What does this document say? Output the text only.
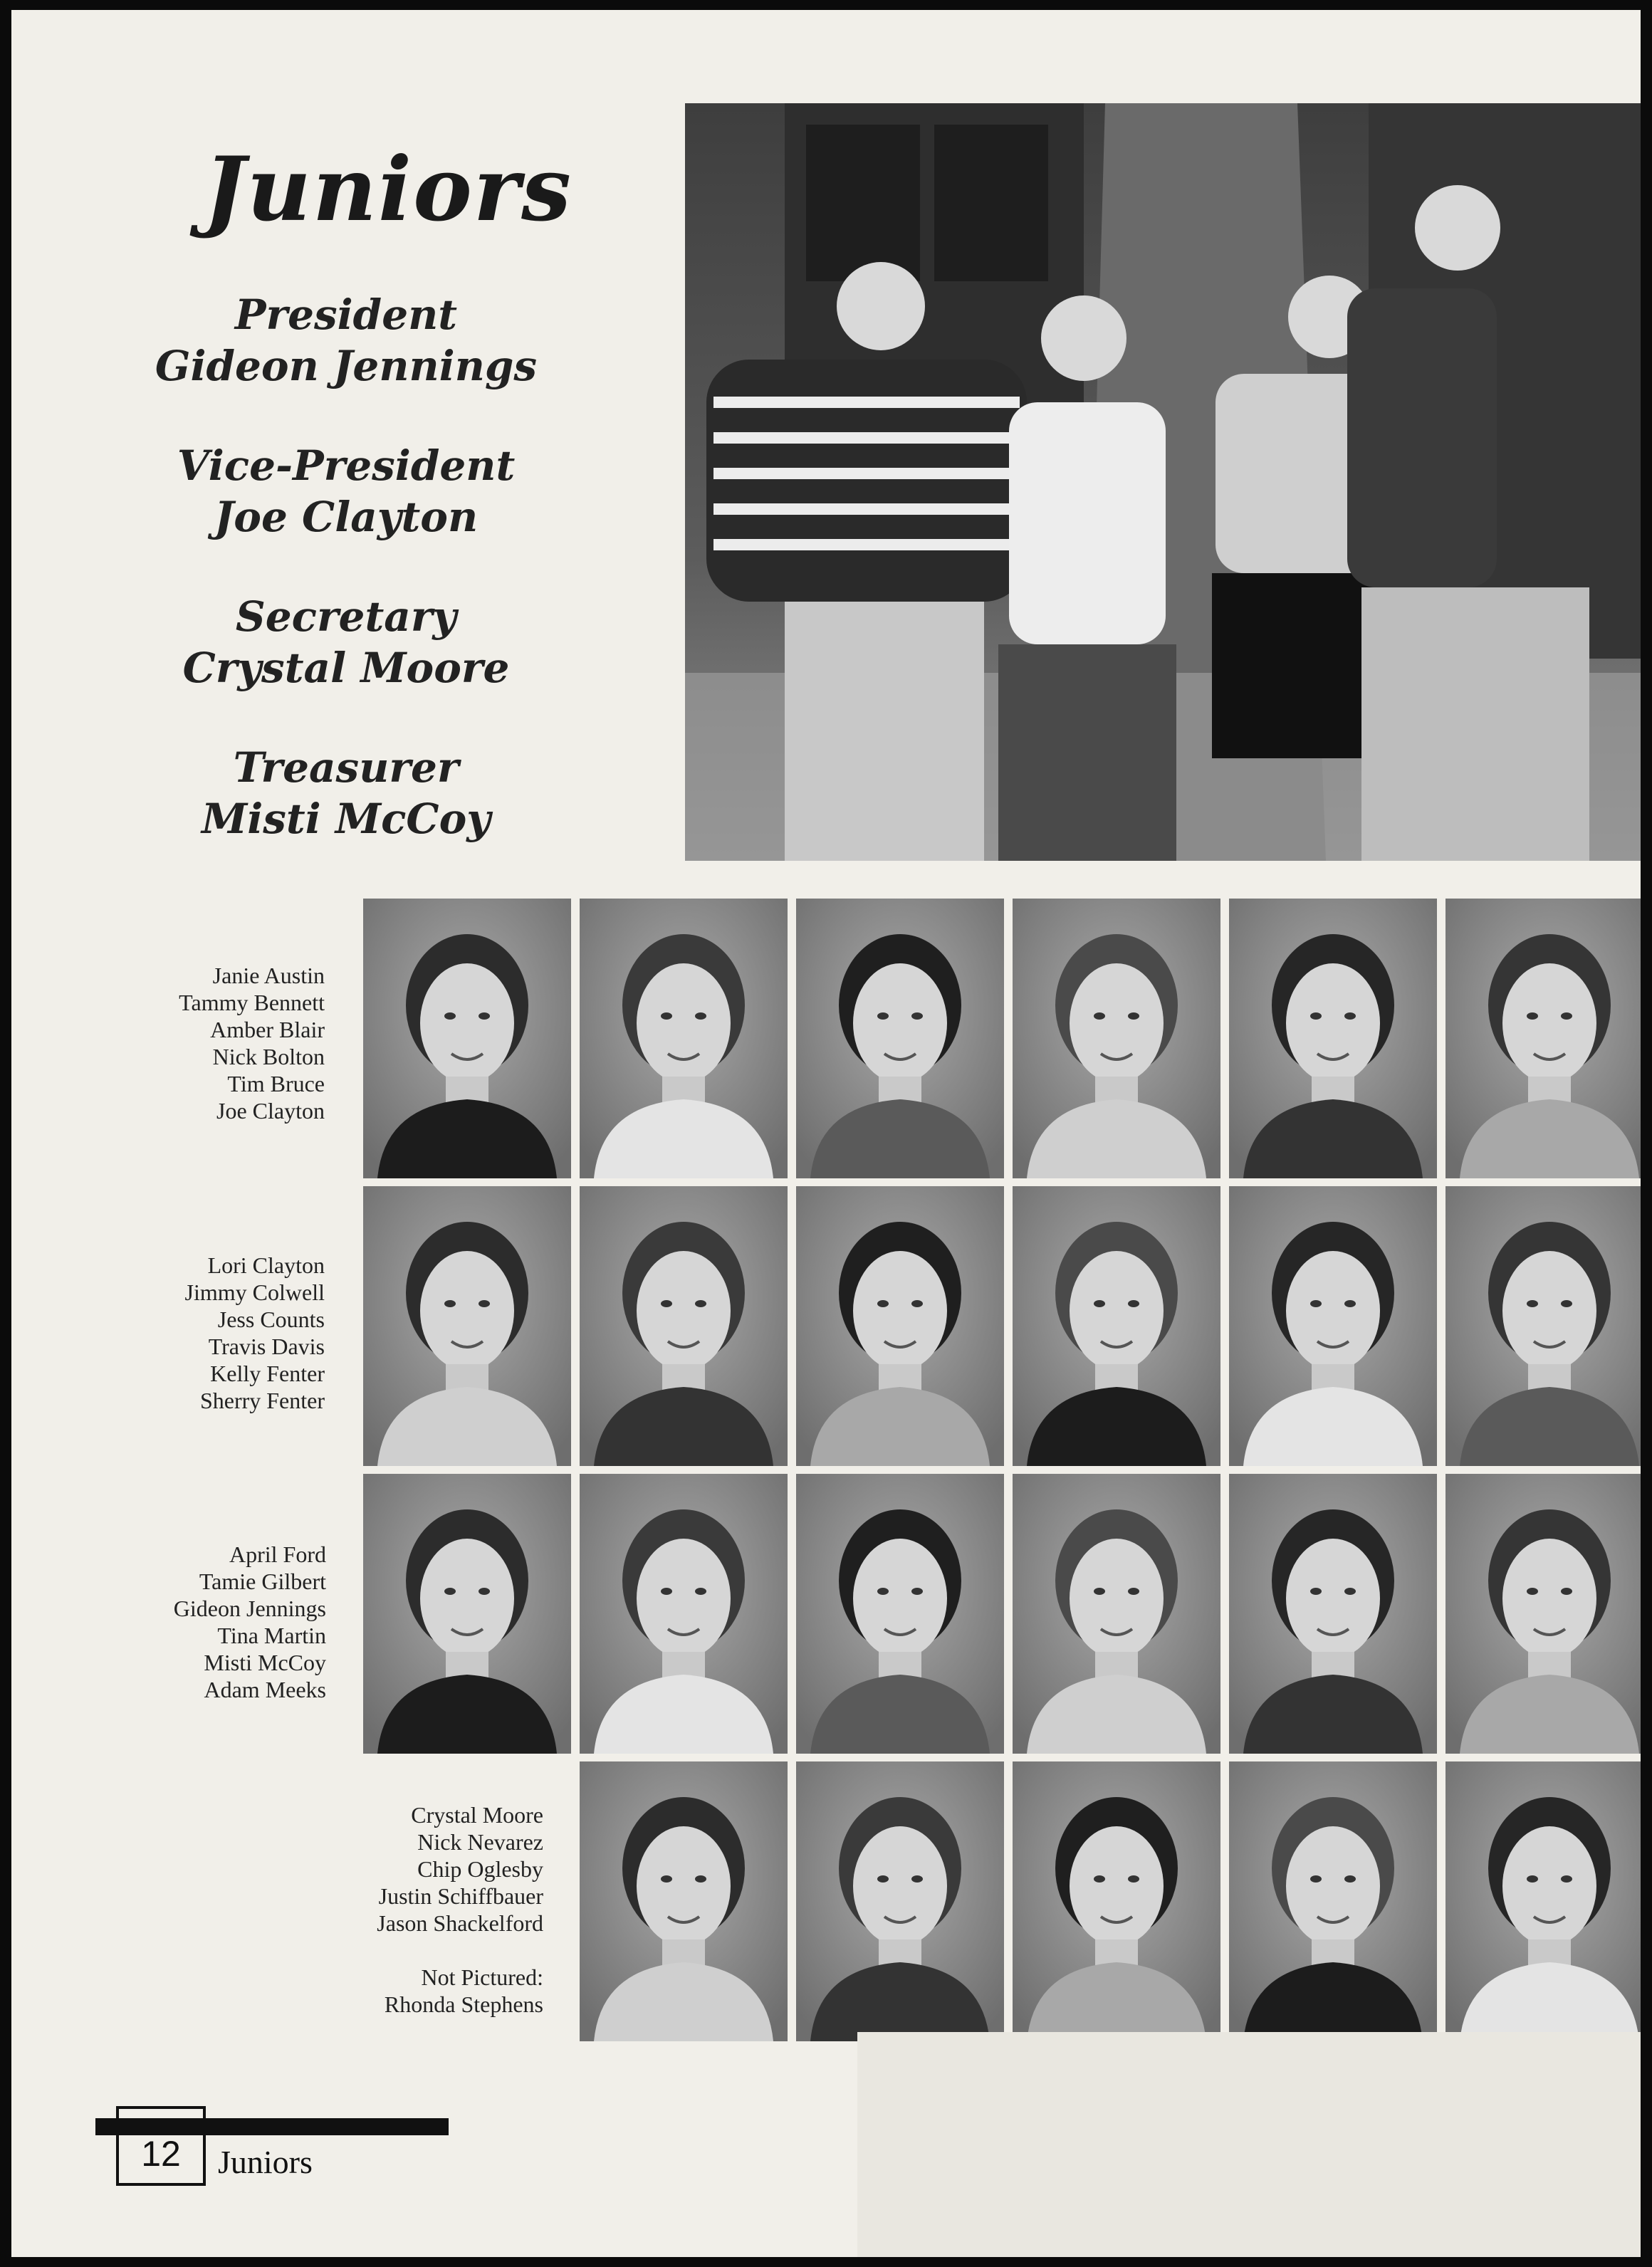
Juniors
President
Gideon Jennings
Vice-President
Joe Clayton
Secretary
Crystal Moore
Treasurer
Misti McCoy
Janie Austin
Tammy Bennett
Amber Blair
Nick Bolton
Tim Bruce
Joe Clayton
Lori Clayton
Jimmy Colwell
Jess Counts
Travis Davis
Kelly Fenter
Sherry Fenter
April Ford
Tamie Gilbert
Gideon Jennings
Tina Martin
Misti McCoy
Adam Meeks
Crystal Moore
Nick Nevarez
Chip Oglesby
Justin Schiffbauer
Jason Shackelford
Not Pictured:
Rhonda Stephens
12	Juniors
